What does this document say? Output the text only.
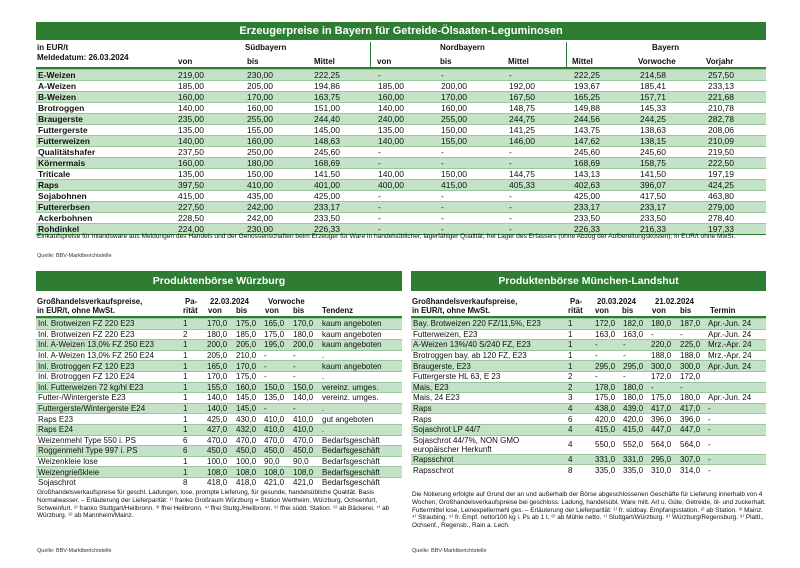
Erzeugerpreise in Bayern für Getreide-Ölsaaten-Leguminosen
in EUR/t
Meldedatum: 26.03.2024
Südbayern	Nordbayern	Bayern
von	bis	Mittel	von	bis	Mittel	Mittel	Vorwoche	Vorjahr
E-Weizen	219,00	230,00	222,25	-	-	-	222,25	214,58	257,50
A-Weizen	185,00	205,00	194,86	185,00	200,00	192,00	193,67	185,41	233,13
B-Weizen	160,00	170,00	163,75	160,00	170,00	167,50	165,25	157,71	221,68
Brotroggen	140,00	160,00	151,00	140,00	160,00	148,75	149,88	145,33	210,78
Braugerste	235,00	255,00	244,40	240,00	255,00	244,75	244,56	244,25	282,78
Futtergerste	135,00	155,00	145,00	135,00	150,00	141,25	143,75	138,63	208,06
Futterweizen	140,00	160,00	148,63	140,00	155,00	146,00	147,62	138,15	210,09
Qualitätshafer	237,50	250,00	245,60	-	-	-	245,60	245,60	219,50
Körnermais	160,00	180,00	168,69	-	-	-	168,69	158,75	222,50
Triticale	135,00	150,00	141,50	140,00	150,00	144,75	143,13	141,50	197,19
Raps	397,50	410,00	401,00	400,00	415,00	405,33	402,63	396,07	424,25
Sojabohnen	415,00	435,00	425,00	-	-	-	425,00	417,50	463,80
Futtererbsen	227,50	242,00	233,17	-	-	-	233,17	233,17	279,00
Ackerbohnen	228,50	242,00	233,50	-	-	-	233,50	233,50	278,40
Rohdinkel	224,00	230,00	226,33	-	-	-	226,33	216,33	197,33
Einkaufspreise für Inlandsware aus Meldungen des Handels und der Genossenschaften beim Erzeuger für Ware in handelsüblicher, lagerfähiger Qualität; frei Lager des Erfassers (ohne Abzug der Aufbereitungskosten); in EUR/t ohne MwSt.
Quelle: BBV-Marktberichtstelle
Produktenbörse Würzburg
Großhandelsverkaufspreise,
in EUR/t, ohne MwSt.
Pa-
rität
22.03.2024 Vorwoche
von bis von bis Tendenz
Inl. Brotweizen FZ 220 E23	1	170,0	175,0	165,0	170,0	kaum angeboten
Inl. Brotweizen FZ 220 E23	2	180,0	185,0	175,0	180,0	kaum angeboten
Inl. A-Weizen 13,0% FZ 250 E23	1	200,0	205,0	195,0	200,0	kaum angeboten
Inl. A-Weizen 13,0% FZ 250 E24	1	205,0	210,0	-	-	.
Inl. Brotroggen FZ 120 E23	1	165,0	170,0	-	-	kaum angeboten
Inl. Brotroggen FZ 120 E24	1	170,0	175,0	-	-	.
Inl. Futterweizen 72 kg/hl E23	1	155,0	160,0	150,0	150,0	vereinz. umges.
Futter-/Wintergerste E23	1	140,0	145,0	135,0	140,0	vereinz. umges.
Futtergerste/Wintergerste E24	1	140,0	145,0	-	-	.
Raps E23	1	425,0	430,0	410,0	410,0	gut angeboten
Raps E24	1	427,0	432,0	410,0	410,0	.
Weizenmehl Type 550 i. PS	6	470,0	470,0	470,0	470,0	Bedarfsgeschäft
Roggenmehl Type 997 i. PS	6	450,0	450,0	450,0	450,0	Bedarfsgeschäft
Weizenkleie lose	1	100,0	100,0	90,0	90,0	Bedarfsgeschäft
Weizengrießkleie	1	108,0	108,0	108,0	108,0	Bedarfsgeschäft
Sojaschrot	8	418,0	418,0	421,0	421,0	Bedarfsgeschäft
Großhandelsverkaufspreise für geschl. Ladungen, lose, prompte Lieferung, für gesunde, handelsübliche Qualität. Basis Normalwasser. – Erläuterung der Lieferparität: ¹⁾ franko Großraum Würzburg = Station Wertheim, Würzburg, Ochsenfurt, Schweinfurt. ²⁾ franko Stuttgart/Heilbronn. ³⁾ ffrei Heilbronn. ⁴⁾ ffrei Stuttg./Heilbronn. ⁵⁾ ffrei südd. Station. ⁶⁾ ab Bäckerei. ⁷⁾ ab Würzburg. ⁸⁾ ab Mannheim/Mainz.
Quelle: BBV-Marktberichtstelle
Produktenbörse München-Landshut
Großhandelsverkaufspreise,
in EUR/t, ohne MwSt.
Pa-
rität
20.03.2024 21.02.2024
von bis von bis Termin
Bay. Brotweizen 220 FZ/11,5%, E23	1	172,0	182,0	180,0	187,0	Apr.-Jun. 24
Futterweizen, E23	1	163,0	163,0	-	-	Apr.-Jun. 24
A-Weizen 13%/40 S/240 FZ, E23	1	-	-	220,0	225,0	Mrz.-Apr. 24
Brotroggen bay. ab 120 FZ, E23	1	-	-	188,0	188,0	Mrz.-Apr. 24
Braugerste, E23	1	295,0	295,0	300,0	300,0	Apr.-Jun. 24
Futtergerste HL 63, E 23	2	-	-	172,0	172,0	
Mais, E23	2	178,0	180,0	-	-	
Mais, 24 E23	3	175,0	180,0	175,0	180,0	Apr.-Jun. 24
Raps	4	438,0	439,0	417,0	417,0	-
Raps	6	420,0	420,0	396,0	396,0	-
Sojaschrot LP 44/7	4	415,0	415,0	447,0	447,0	-
Sojaschrot 44/7%, NON GMO europäischer Herkunft	4	550,0	552,0	564,0	564,0	-
Rapsschrot	4	331,0	331,0	295,0	307,0	-
Rapsschrot	8	335,0	335,0	310,0	314,0	-
Die Notierung erfolgte auf Grund der an und außerhalb der Börse abgeschlossenen Geschäfte für Lieferung innerhalb von 4 Wochen; Großhandelsverkaufspreise bei geschloss. Ladung, handelsübl. Ware mitt. Art u. Güte; Getreide, öl- und zuckerhalt. Futtermittel lose, Leinexpellermehl ges. – Erläuterung der Lieferparität: ¹⁾ fr. südbay. Empfangsstation. ²⁾ ab Station. ³⁾ Mainz. ⁴⁾ Straubing. ⁵⁾ fr. Empf. netto/100 kg i. Ps ab 1 t. ⁶⁾ ab Mühle netto. ⁷⁾ Stuttgart/Würzburg. ⁸⁾ Würzburg/Regensburg. ⁹⁾ Plattl., Ochsenf., Regensb., Rain a. Lech.
Quelle: BBV-Marktberichtstelle
